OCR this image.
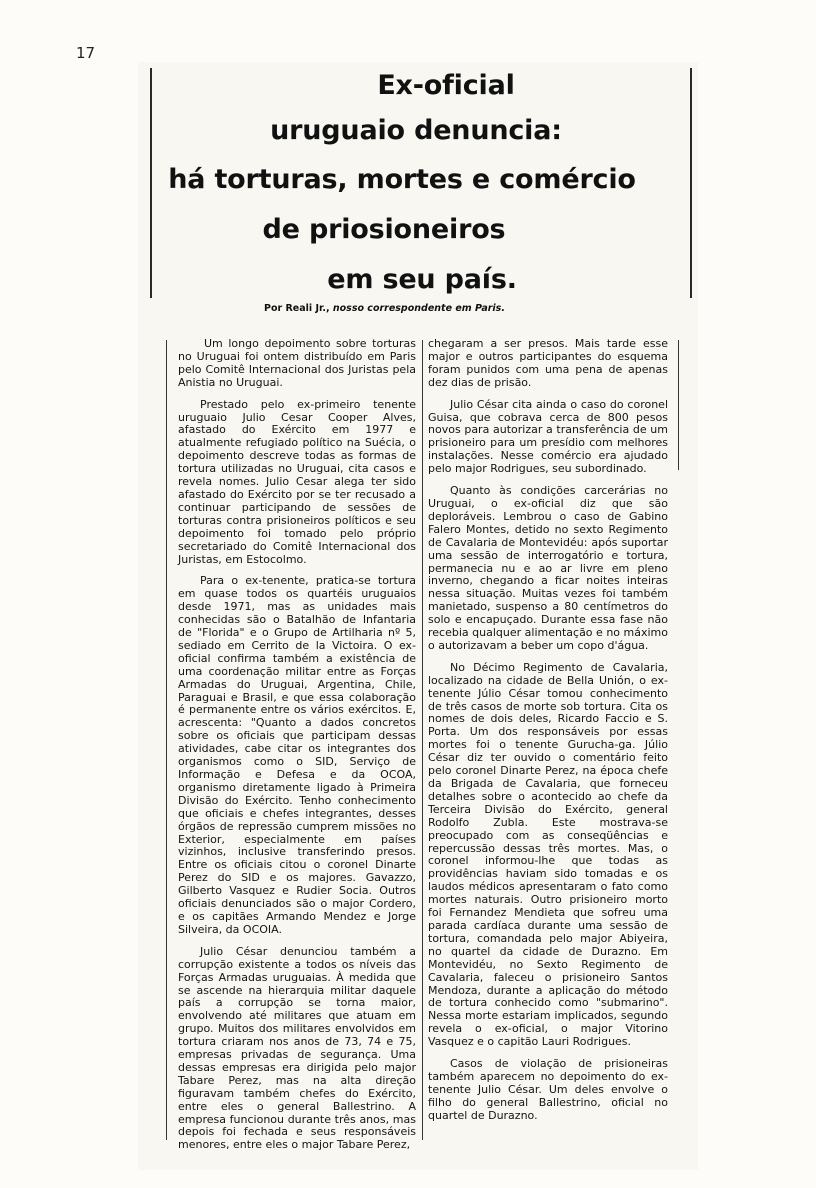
17
Ex-oficial
uruguaio denuncia:
há torturas, mortes e comércio
de priosioneiros
em seu país.
Por Reali Jr., nosso correspondente em Paris.

Um longo depoimento sobre torturas no Uruguai foi ontem distribuído em Paris pelo Comitê Internacional dos Juristas pela Anistia no Uruguai.

Prestado pelo ex-primeiro tenente uruguaio Julio Cesar Cooper Alves, afastado do Exército em 1977 e atualmente refugiado político na Suécia, o depoimento descreve todas as formas de tortura utilizadas no Uruguai, cita casos e revela nomes. Julio Cesar alega ter sido afastado do Exército por se ter recusado a continuar participando de sessões de torturas contra prisioneiros políticos e seu depoimento foi tomado pelo próprio secretariado do Comitê Internacional dos Juristas, em Estocolmo.

Para o ex-tenente, pratica-se tortura em quase todos os quartéis uruguaios desde 1971, mas as unidades mais conhecidas são o Batalhão de Infantaria de "Florida" e o Grupo de Artilharia nº 5, sediado em Cerrito de la Victoira. O ex-oficial confirma também a existência de uma coordenação militar entre as Forças Armadas do Uruguai, Argentina, Chile, Paraguai e Brasil, e que essa colaboração é permanente entre os vários exércitos. E, acrescenta: "Quanto a dados concretos sobre os oficiais que participam dessas atividades, cabe citar os integrantes dos organismos como o SID, Serviço de Informação e Defesa e da OCOA, organismo diretamente ligado à Primeira Divisão do Exército. Tenho conhecimento que oficiais e chefes integrantes, desses órgãos de repressão cumprem missões no Exterior, especialmente em países vizinhos, inclusive transferindo presos. Entre os oficiais citou o coronel Dinarte Perez do SID e os majores. Gavazzo, Gilberto Vasquez e Rudier Socia. Outros oficiais denunciados são o major Cordero, e os capitães Armando Mendez e Jorge Silveira, da OCOIA.

Julio César denunciou também a corrupção existente a todos os níveis das Forças Armadas uruguaias. À medida que se ascende na hierarquia militar daquele país a corrupção se torna maior, envolvendo até militares que atuam em grupo. Muitos dos militares envolvidos em tortura criaram nos anos de 73, 74 e 75, empresas privadas de segurança. Uma dessas empresas era dirigida pelo major Tabare Perez, mas na alta direção figuravam também chefes do Exército, entre eles o general Ballestrino. A empresa funcionou durante três anos, mas depois foi fechada e seus responsáveis menores, entre eles o major Tabare Perez,

chegaram a ser presos. Mais tarde esse major e outros participantes do esquema foram punidos com uma pena de apenas dez dias de prisão.

Julio César cita ainda o caso do coronel Guisa, que cobrava cerca de 800 pesos novos para autorizar a transferência de um prisioneiro para um presídio com melhores instalações. Nesse comércio era ajudado pelo major Rodrigues, seu subordinado.

Quanto às condições carcerárias no Uruguai, o ex-oficial diz que são deploráveis. Lembrou o caso de Gabino Falero Montes, detido no sexto Regimento de Cavalaria de Montevidéu: após suportar uma sessão de interrogatório e tortura, permanecia nu e ao ar livre em pleno inverno, chegando a ficar noites inteiras nessa situação. Muitas vezes foi também manietado, suspenso a 80 centímetros do solo e encapuçado. Durante essa fase não recebia qualquer alimentação e no máximo o autorizavam a beber um copo d'água.

No Décimo Regimento de Cavalaria, localizado na cidade de Bella Unión, o ex-tenente Júlio César tomou conhecimento de três casos de morte sob tortura. Cita os nomes de dois deles, Ricardo Faccio e S. Porta. Um dos responsáveis por essas mortes foi o tenente Gurucha-ga. Júlio César diz ter ouvido o comentário feito pelo coronel Dinarte Perez, na época chefe da Brigada de Cavalaria, que forneceu detalhes sobre o acontecido ao chefe da Terceira Divisão do Exército, general Rodolfo Zubla. Este mostrava-se preocupado com as conseqüências e repercussão dessas três mortes. Mas, o coronel informou-lhe que todas as providências haviam sido tomadas e os laudos médicos apresentaram o fato como mortes naturais. Outro prisioneiro morto foi Fernandez Mendieta que sofreu uma parada cardíaca durante uma sessão de tortura, comandada pelo major Abiyeira, no quartel da cidade de Durazno. Em Montevidéu, no Sexto Regimento de Cavalaria, faleceu o prisioneiro Santos Mendoza, durante a aplicação do método de tortura conhecido como "submarino". Nessa morte estariam implicados, segundo revela o ex-oficial, o major Vitorino Vasquez e o capitão Lauri Rodrigues.

Casos de violação de prisioneiras também aparecem no depoimento do ex-tenente Julio César. Um deles envolve o filho do general Ballestrino, oficial no quartel de Durazno.
